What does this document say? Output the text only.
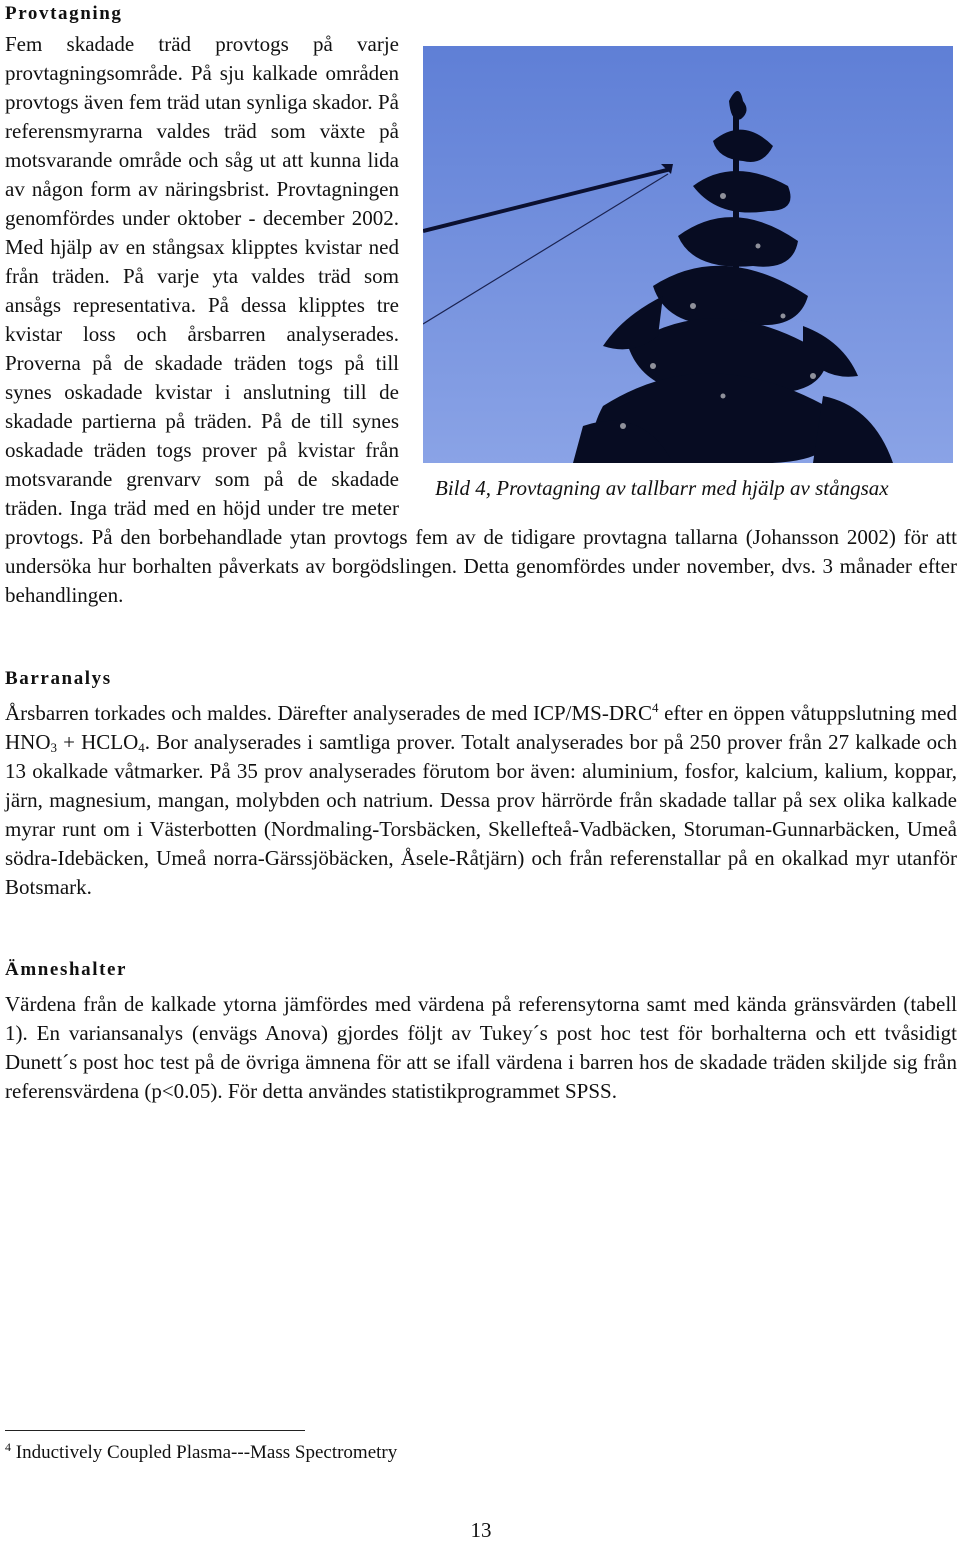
Provtagning
Bild 4, Provtagning av tallbarr med hjälp av stångsax

Fem skadade träd provtogs på varje provtagningsområde. På sju kalkade områden provtogs även fem träd utan synliga skador. På referensmyrarna valdes träd som växte på motsvarande område och såg ut att kunna lida av någon form av näringsbrist. Provtagningen genomfördes under oktober - december 2002. Med hjälp av en stångsax klipptes kvistar ned från träden. På varje yta valdes träd som ansågs representativa. På dessa klipptes tre kvistar loss och årsbarren analyserades. Proverna på de skadade träden togs på till synes oskadade kvistar i anslutning till de skadade partierna på träden. På de till synes oskadade träden togs prover på kvistar från motsvarande grenvarv som på de skadade träden. Inga träd med en höjd under tre meter provtogs. På den borbehandlade ytan provtogs fem av de tidigare provtagna tallarna (Johansson 2002) för att undersöka hur borhalten påverkats av borgödslingen. Detta genomfördes under november, dvs. 3 månader efter behandlingen.

Barranalys

Årsbarren torkades och maldes. Därefter analyserades de med ICP/MS-DRC$^4$ efter en öppen våtuppslutning med $HNO_3$ + $HCLO_4$. Bor analyserades i samtliga prover. Totalt analyserades bor på 250 prover från 27 kalkade och 13 okalkade våtmarker. På 35 prov analyserades förutom bor även: aluminium, fosfor, kalcium, kalium, koppar, järn, magnesium, mangan, molybden och natrium. Dessa prov härrörde från skadade tallar på sex olika kalkade myrar runt om i Västerbotten (Nordmaling-Torsbäcken, Skellefteå-Vadbäcken, Storuman-Gunnarbäcken, Umeå södra-Idebäcken, Umeå norra-Gärssjöbäcken, Åsele-Råtjärn) och från referenstallar på en okalkad myr utanför Botsmark.

Ämneshalter

Värdena från de kalkade ytorna jämfördes med värdena på referensytorna samt med kända gränsvärden (tabell 1). En variansanalys (envägs Anova) gjordes följt av Tukey´s post hoc test för borhalterna och ett tvåsidigt Dunett´s post hoc test på de övriga ämnena för att se ifall värdena i barren hos de skadade träden skiljde sig från referensvärdena (p<0.05). För detta användes statistikprogrammet SPSS.

$^4$ Inductively Coupled Plasma---Mass Spectrometry
13
